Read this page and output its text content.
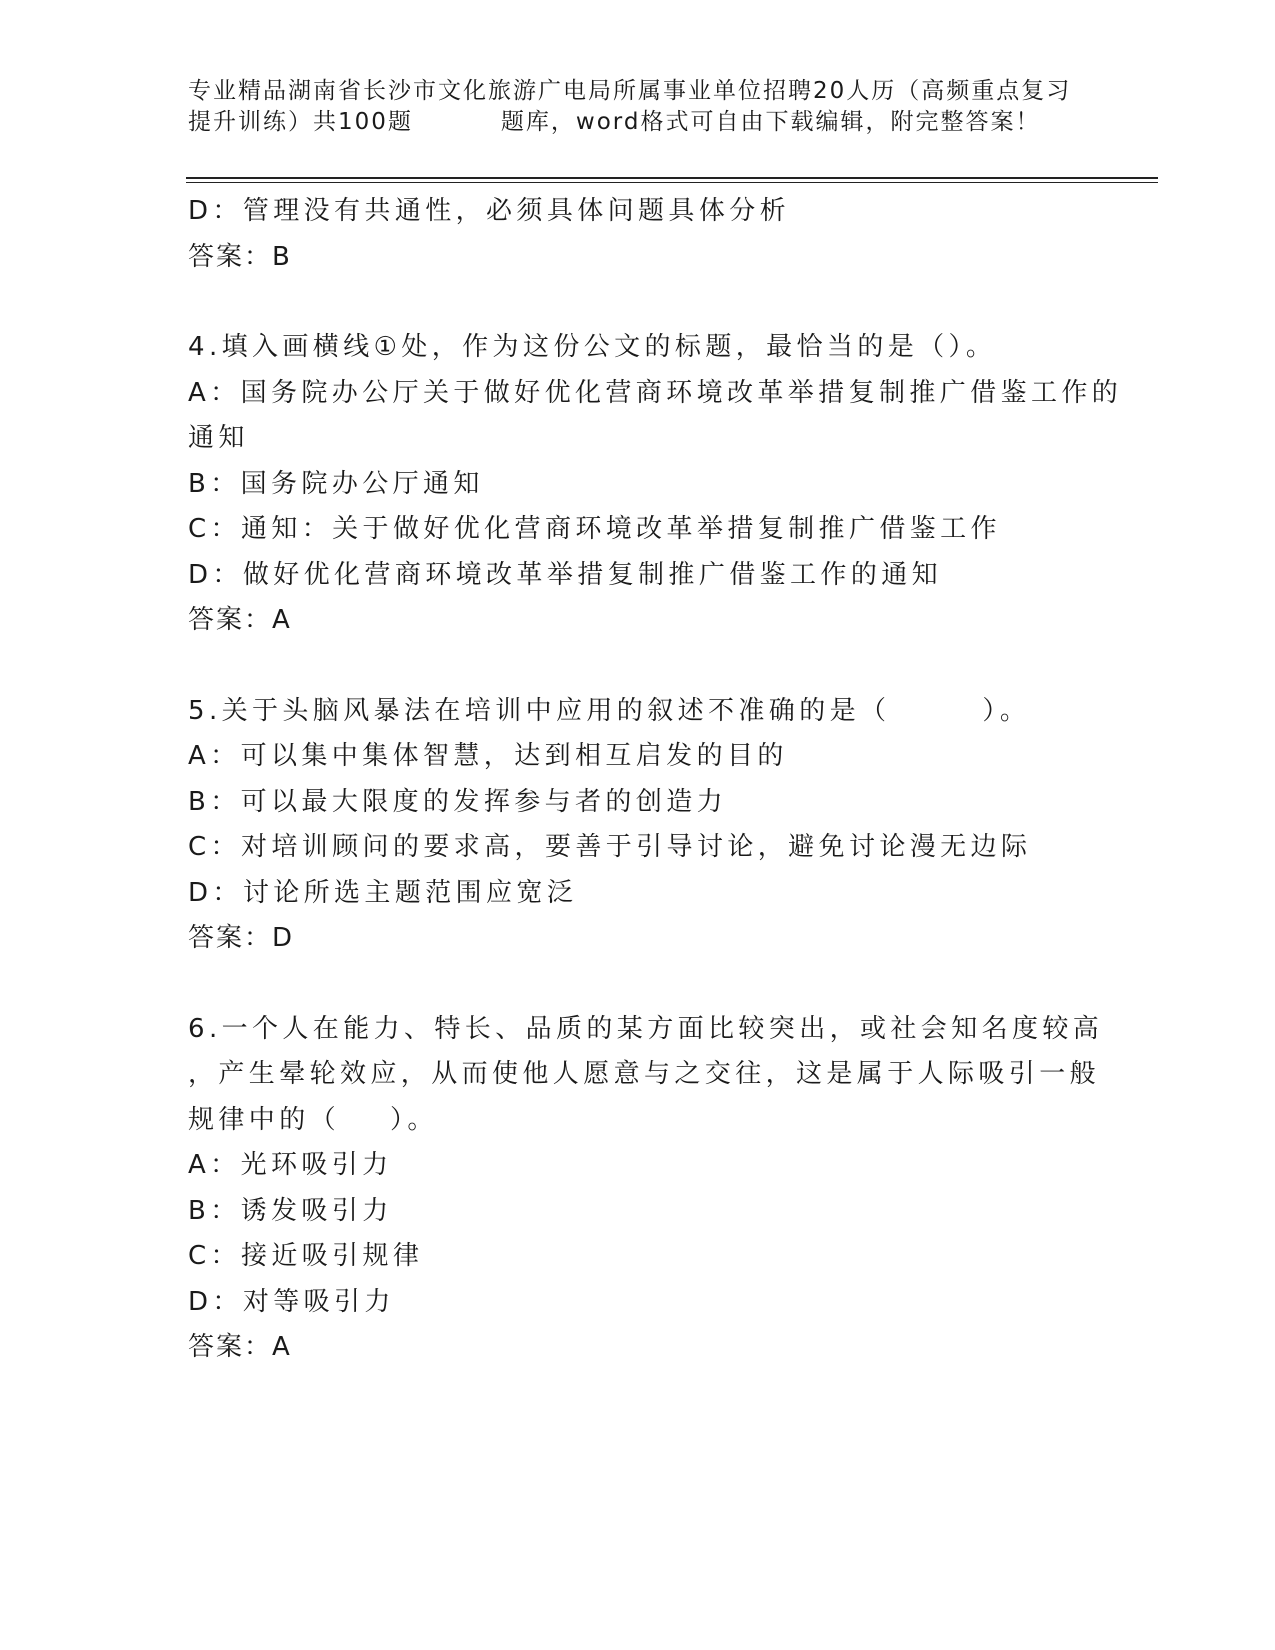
专业精品湖南省长沙市文化旅游广电局所属事业单位招聘20人历（高频重点复习
提升训练）共100题	题库，word格式可自由下载编辑，附完整答案！
D：管理没有共通性，必须具体问题具体分析
答案：B
4.填入画横线①处，作为这份公文的标题，最恰当的是（）。
A：国务院办公厅关于做好优化营商环境改革举措复制推广借鉴工作的
通知
B：国务院办公厅通知
C：通知：关于做好优化营商环境改革举措复制推广借鉴工作
D：做好优化营商环境改革举措复制推广借鉴工作的通知
答案：A
5.关于头脑风暴法在培训中应用的叙述不准确的是（	）。
A：可以集中集体智慧，达到相互启发的目的
B：可以最大限度的发挥参与者的创造力
C：对培训顾问的要求高，要善于引导讨论，避免讨论漫无边际
D：讨论所选主题范围应宽泛
答案：D
6.一个人在能力、特长、品质的某方面比较突出，或社会知名度较高
，产生晕轮效应，从而使他人愿意与之交往，这是属于人际吸引一般
规律中的（ ）。
A：光环吸引力
B：诱发吸引力
C：接近吸引规律
D：对等吸引力
答案：A
